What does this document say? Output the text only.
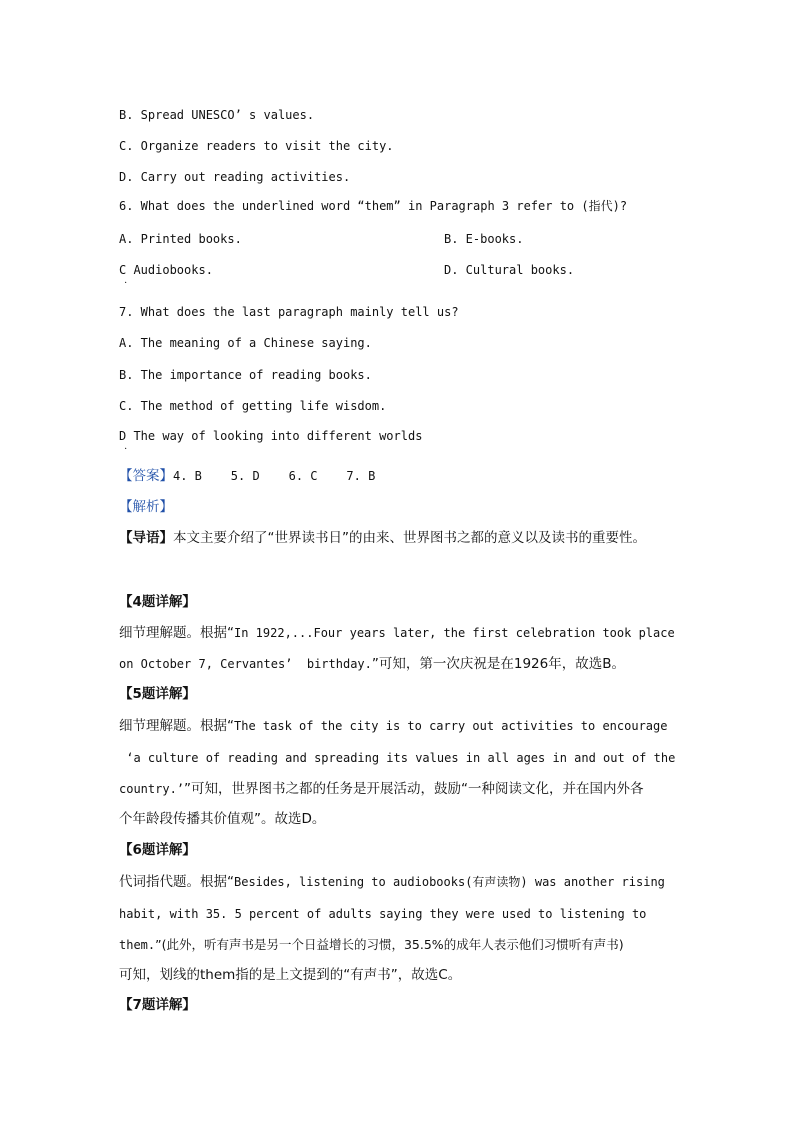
B. Spread UNESCO’ s values.
C. Organize readers to visit the city.
D. Carry out reading activities.
6. What does the underlined word “them” in Paragraph 3 refer to (指代)?
A. Printed books.	B. E-books.
C Audiobooks.	D. Cultural books.
·
7. What does the last paragraph mainly tell us?
A. The meaning of a Chinese saying.
B. The importance of reading books.
C. The method of getting life wisdom.
D The way of looking into different worlds
·
【答案】4. B    5. D    6. C    7. B
【解析】
【导语】本文主要介绍了“世界读书日”的由来、世界图书之都的意义以及读书的重要性。
【4题详解】
细节理解题。根据“In 1922,...Four years later, the first celebration took place
on October 7, Cervantes’  birthday.”可知，第一次庆祝是在1926年，故选B。
【5题详解】
细节理解题。根据“The task of the city is to carry out activities to encourage
‘a culture of reading and spreading its values in all ages in and out of the
country.’”可知，世界图书之都的任务是开展活动，鼓励“一种阅读文化，并在国内外各
个年龄段传播其价值观”。故选D。
【6题详解】
代词指代题。根据“Besides, listening to audiobooks(有声读物) was another rising
habit, with 35. 5 percent of adults saying they were used to listening to
them.”(此外，听有声书是另一个日益增长的习惯，35.5%的成年人表示他们习惯听有声书)
可知，划线的them指的是上文提到的“有声书”，故选C。
【7题详解】
